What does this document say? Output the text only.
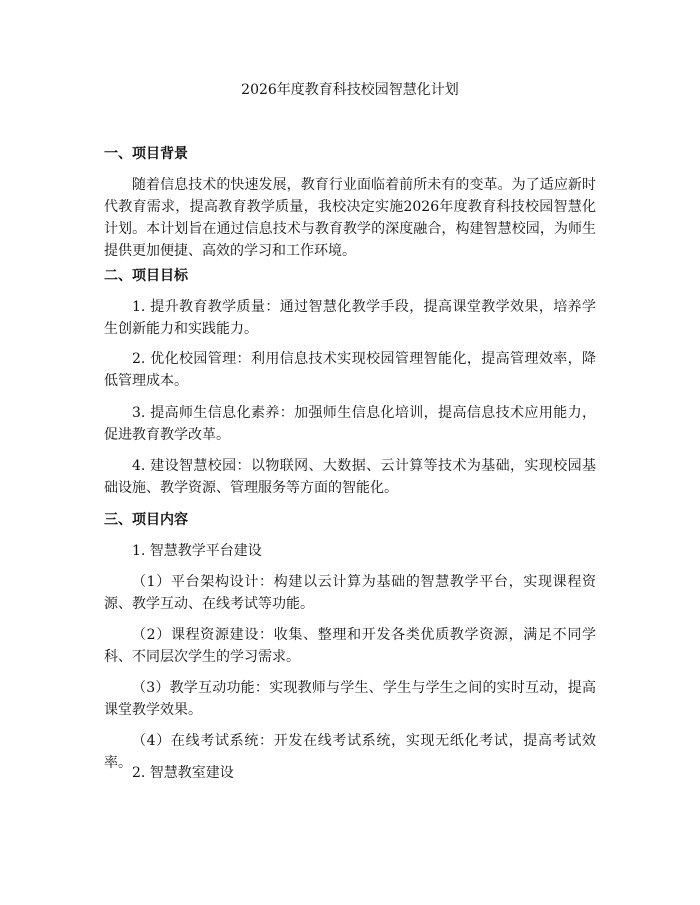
2026年度教育科技校园智慧化计划
一、项目背景
随着信息技术的快速发展，教育行业面临着前所未有的变革。为了适应新时代教育需求，提高教育教学质量，我校决定实施2026年度教育科技校园智慧化计划。本计划旨在通过信息技术与教育教学的深度融合，构建智慧校园，为师生提供更加便捷、高效的学习和工作环境。
二、项目目标
1. 提升教育教学质量：通过智慧化教学手段，提高课堂教学效果，培养学生创新能力和实践能力。
2. 优化校园管理：利用信息技术实现校园管理智能化，提高管理效率，降低管理成本。
3. 提高师生信息化素养：加强师生信息化培训，提高信息技术应用能力，促进教育教学改革。
4. 建设智慧校园：以物联网、大数据、云计算等技术为基础，实现校园基础设施、教学资源、管理服务等方面的智能化。
三、项目内容
1. 智慧教学平台建设
（1）平台架构设计：构建以云计算为基础的智慧教学平台，实现课程资源、教学互动、在线考试等功能。
（2）课程资源建设：收集、整理和开发各类优质教学资源，满足不同学科、不同层次学生的学习需求。
（3）教学互动功能：实现教师与学生、学生与学生之间的实时互动，提高课堂教学效果。
（4）在线考试系统：开发在线考试系统，实现无纸化考试，提高考试效率。
2. 智慧教室建设
